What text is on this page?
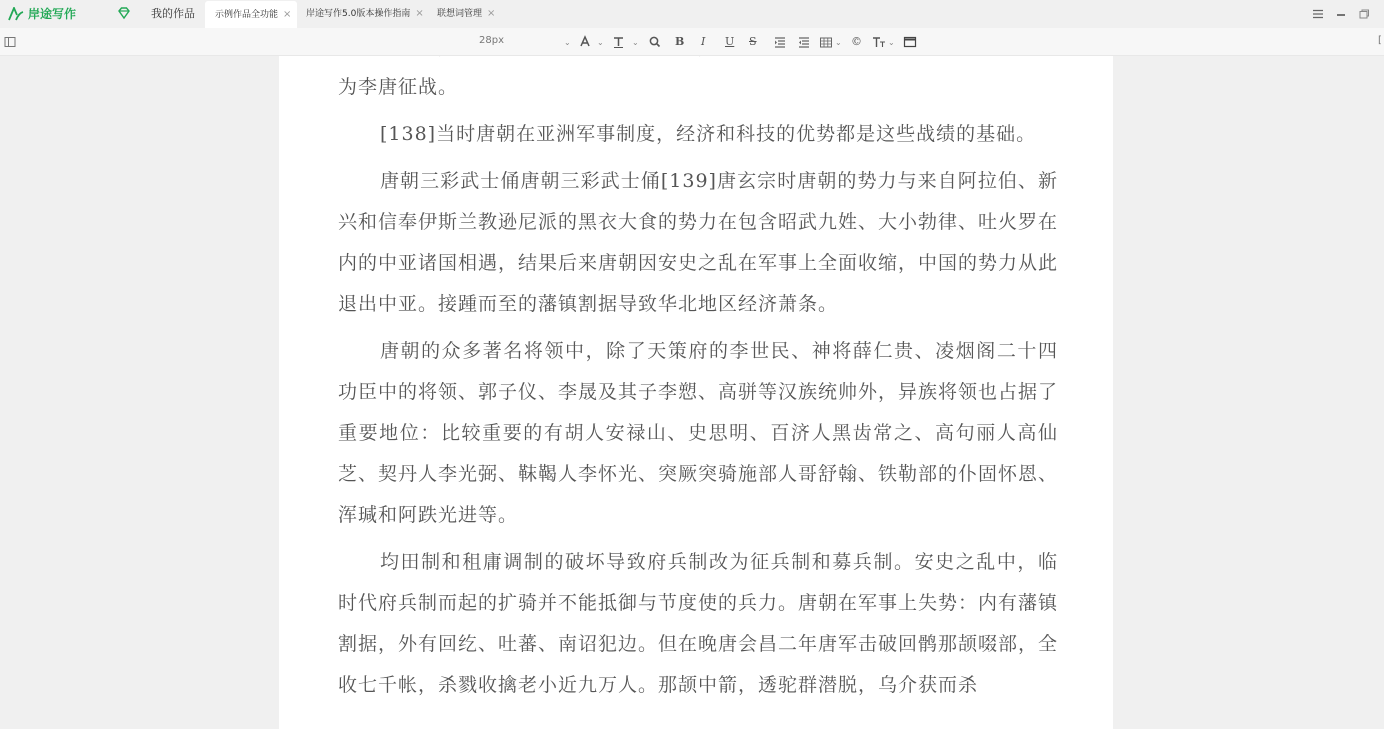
岸途写作	我的作品 示例作品全功能 × 岸途写作5.0版本操作指南 × 联想词管理 ×
28px	⌄	⌄	⌄	B I U S	⌄ ©	⌄	[

为李唐征战。

[138]当时唐朝在亚洲军事制度，经济和科技的优势都是这些战绩的基础。

唐朝三彩武士俑唐朝三彩武士俑[139]唐玄宗时唐朝的势力与来自阿拉伯、新兴和信奉伊斯兰教逊尼派的黑衣大食的势力在包含昭武九姓、大小勃律、吐火罗在内的中亚诸国相遇，结果后来唐朝因安史之乱在军事上全面收缩，中国的势力从此退出中亚。接踵而至的藩镇割据导致华北地区经济萧条。

唐朝的众多著名将领中，除了天策府的李世民、神将薛仁贵、凌烟阁二十四功臣中的将领、郭子仪、李晟及其子李愬、高骈等汉族统帅外，异族将领也占据了重要地位：比较重要的有胡人安禄山、史思明、百济人黑齿常之、高句丽人高仙芝、契丹人李光弼、靺鞨人李怀光、突厥突骑施部人哥舒翰、铁勒部的仆固怀恩、浑瑊和阿跌光进等。

均田制和租庸调制的破坏导致府兵制改为征兵制和募兵制。安史之乱中，临时代府兵制而起的扩骑并不能抵御与节度使的兵力。唐朝在军事上失势：内有藩镇割据，外有回纥、吐蕃、南诏犯边。但在晚唐会昌二年唐军击破回鹘那颉啜部，全收七千帐，杀戮收擒老小近九万人。那颉中箭，透驼群潜脱，乌介获而杀
